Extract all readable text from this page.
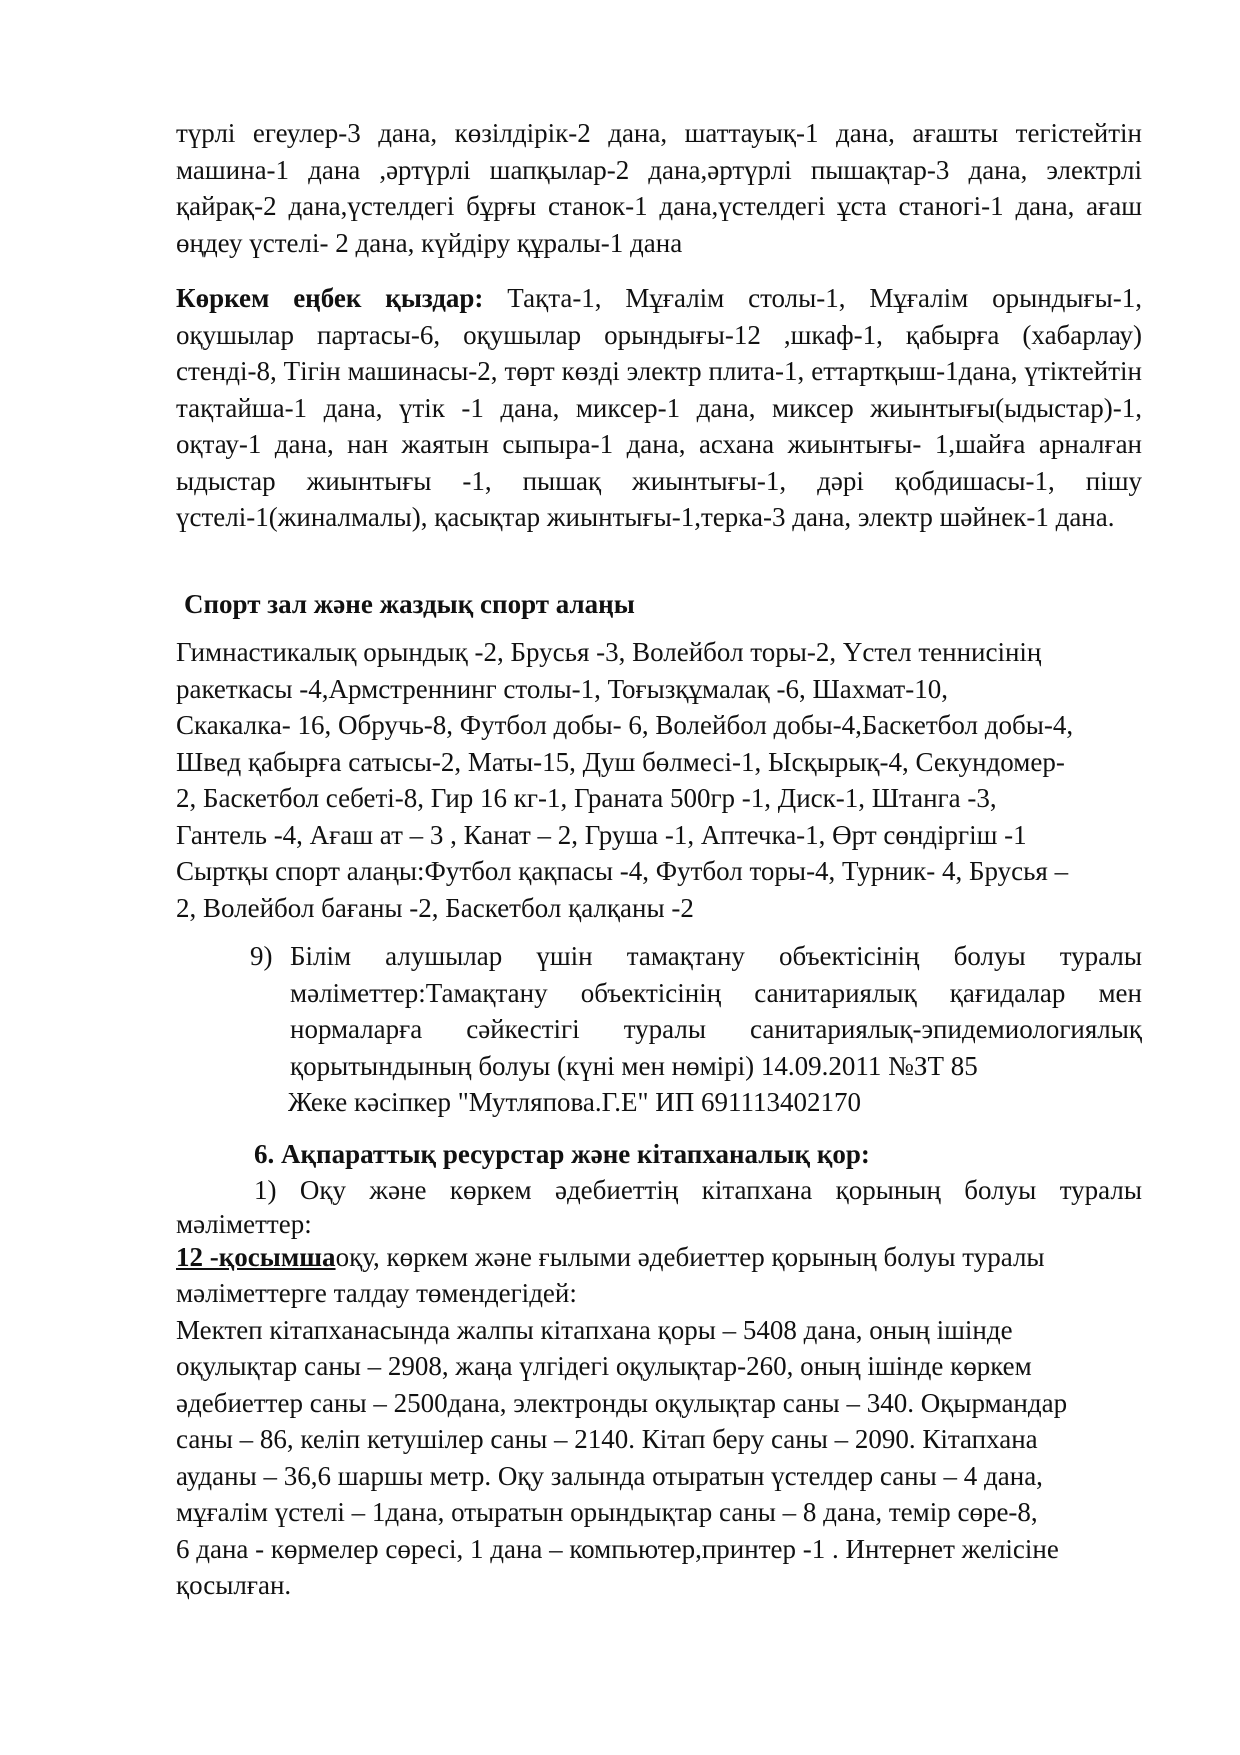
түрлі егеулер-3 дана, көзілдірік-2 дана, шаттауық-1 дана, ағашты тегістейтін машина-1 дана ,әртүрлі шапқылар-2 дана,әртүрлі пышақтар-3 дана, электрлі қайрақ-2 дана,үстелдегі бұрғы станок-1 дана,үстелдегі ұста станогі-1 дана, ағаш өңдеу үстелі- 2 дана, күйдіру құралы-1 дана

Көркем еңбек қыздар: Тақта-1, Мұғалім столы-1, Мұғалім орындығы-1, оқушылар партасы-6, оқушылар орындығы-12 ,шкаф-1, қабырға (хабарлау) стенді-8, Тігін машинасы-2, төрт көзді электр плита-1, еттартқыш-1дана, үтіктейтін тақтайша-1 дана, үтік -1 дана, миксер-1 дана, миксер жиынтығы(ыдыстар)-1, оқтау-1 дана, нан жаятын сыпыра-1 дана, асхана жиынтығы- 1,шайға арналған ыдыстар жиынтығы -1, пышақ жиынтығы-1, дәрі қобдишасы-1, пішу үстелі-1(жиналмалы), қасықтар жиынтығы-1,терка-3 дана, электр шәйнек-1 дана.

Спорт зал және жаздық спорт алаңы

Гимнастикалық орындық -2, Брусья -3, Волейбол торы-2, Үстел теннисінің
ракеткасы -4,Армстреннинг столы-1, Тоғызқұмалақ -6, Шахмат-10,
Скакалка- 16, Обручь-8, Футбол добы- 6, Волейбол добы-4,Баскетбол добы-4,
Швед қабырға сатысы-2, Маты-15, Душ бөлмесі-1, Ысқырық-4, Секундомер-
2, Баскетбол себеті-8, Гир 16 кг-1, Граната 500гр -1, Диск-1, Штанга -3,
Гантель -4, Ағаш ат – 3 , Канат – 2, Груша -1, Аптечка-1, Өрт сөндіргіш -1
Сыртқы спорт алаңы:Футбол қақпасы -4, Футбол торы-4, Турник- 4, Брусья –
2, Волейбол бағаны -2, Баскетбол қалқаны -2
9) Білім алушылар үшін тамақтану объектісінің болуы туралы мәліметтер:Тамақтану объектісінің санитариялық қағидалар мен нормаларға сәйкестігі туралы санитариялық-эпидемиологиялық қорытындының болуы (күні мен нөмірі) 14.09.2011 №ЗТ 85

Жеке кәсіпкер "Мутляпова.Г.Е" ИП 691113402170

6. Ақпараттық ресурстар және кітапханалық қор:

1) Оқу және көркем әдебиеттің кітапхана қорының болуы туралы
мәліметтер:
12 -қосымшаоқу, көркем және ғылыми әдебиеттер қорының болуы туралы
мәліметтерге талдау төмендегідей:
Мектеп кітапханасында жалпы кітапхана қоры – 5408 дана, оның ішінде
оқулықтар саны – 2908, жаңа үлгідегі оқулықтар-260, оның ішінде көркем
әдебиеттер саны – 2500дана, электронды оқулықтар саны – 340. Оқырмандар
саны – 86, келіп кетушілер саны – 2140. Кітап беру саны – 2090. Кітапхана
ауданы – 36,6 шаршы метр. Оқу залында отыратын үстелдер саны – 4 дана,
мұғалім үстелі – 1дана, отыратын орындықтар саны – 8 дана, темір сөре-8,
6 дана - көрмелер сөресі, 1 дана – компьютер,принтер -1 . Интернет желісіне
қосылған.
